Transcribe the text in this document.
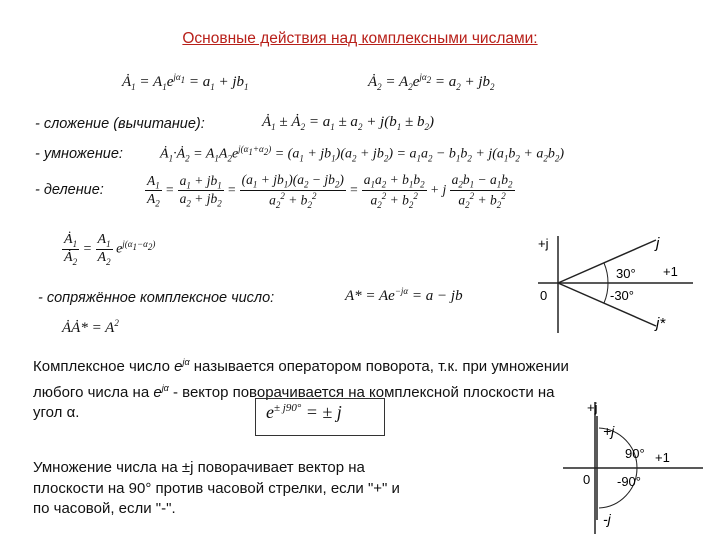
Основные действия над комплексными числами:
$Ȧ_1 = A_1e^{j\alpha_1} = a_1 + jb_1$	$Ȧ_2 = A_2e^{j\alpha_2} = a_2 + jb_2$
- сложение (вычитание):	$Ȧ_1$ ± $Ȧ_2 = a_1 \pm a_2 + j(b_1 \pm b_2)$
- умножение:	$Ȧ_1\cdot Ȧ_2 = A_1A_2e^{j(\alpha_1+\alpha_2)} = (a_1 + jb_1)(a_2 + jb_2) = a_1a_2 - b_1b_2 + j(a_1b_2 + a_2b_2)$
- деление:	$\frac{A_1}{A_2} = \frac{a_1 + jb_1}{a_2 + jb_2} = \frac{(a_1 + jb_1)(a_2 - jb_2)}{a_2^2 + b_2^2} = \frac{a_1a_2 + b_1b_2}{a_2^2 + b_2^2} + j \frac{a_2b_1 - a_1b_2}{a_2^2 + b_2^2}$
$\frac{Ȧ_1}{Ȧ_2} = \frac{A_1}{A_2} e^{j(\alpha_1-\alpha_2)}$
- сопряжённое комплексное число:	$A* = Ae^{-j\alpha} = a$ − jb
ȦȦ* = $A^2$
+j
+1
0
j
j*
30°
-30°
Комплексное число $e^{j\alpha}$ называется оператором поворота, т.к. при умножении
любого числа на $e^{j\alpha}$ - вектор поворачивается на комплексной плоскости на
угол α.	$e^{\pm j90^\circ}$ = ± j
Умножение числа на ±j поворачивает вектор на
плоскости на 90° против часовой стрелки, если "+" и
по часовой, если "-".
+j
+1
0
+j
-j
90°
-90°
